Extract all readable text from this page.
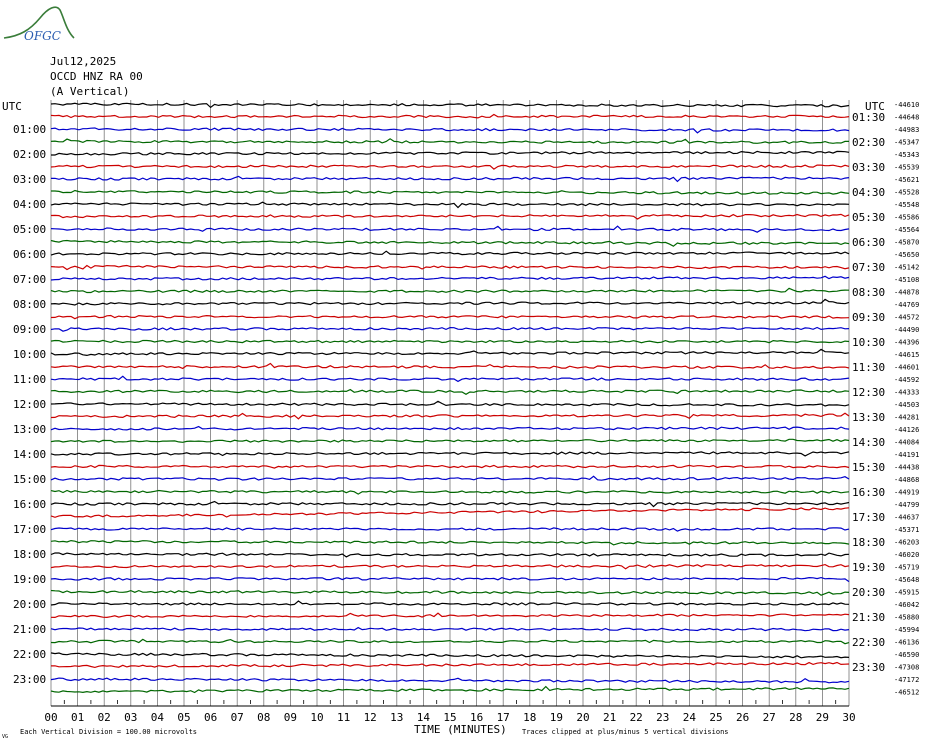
OFGC
Jul12,2025
OCCD HNZ RA 00
(A Vertical)
UTC	UTC
01:00
02:00
03:00
04:00
05:00
06:00
07:00
08:00
09:00
10:00
11:00
12:00
13:00
14:00
15:00
16:00
17:00
18:00
19:00
20:00
21:00
22:00
23:00
01:30
02:30
03:30
04:30
05:30
06:30
07:30
08:30
09:30
10:30
11:30
12:30
13:30
14:30
15:30
16:30
17:30
18:30
19:30
20:30
21:30
22:30
23:30
-44610
-44648
-44983
-45347
-45343
-45539
-45621
-45528
-45548
-45586
-45564
-45870
-45650
-45142
-45108
-44878
-44769
-44572
-44490
-44396
-44615
-44601
-44592
-44333
-44503
-44281
-44126
-44084
-44191
-44438
-44868
-44919
-44799
-44637
-45371
-46203
-46020
-45719
-45648
-45915
-46042
-45880
-45994
-46136
-46590
-47308
-47172
-46512
00 01 02 03 04 05 06 07 08 09 10 11 12 13 14 15 16 17 18 19 20 21 22 23 24 25 26 27 28 29 30
TIME (MINUTES)
Each Vertical Division = 100.00 microvolts	Traces clipped at plus/minus 5 vertical divisions
VG
